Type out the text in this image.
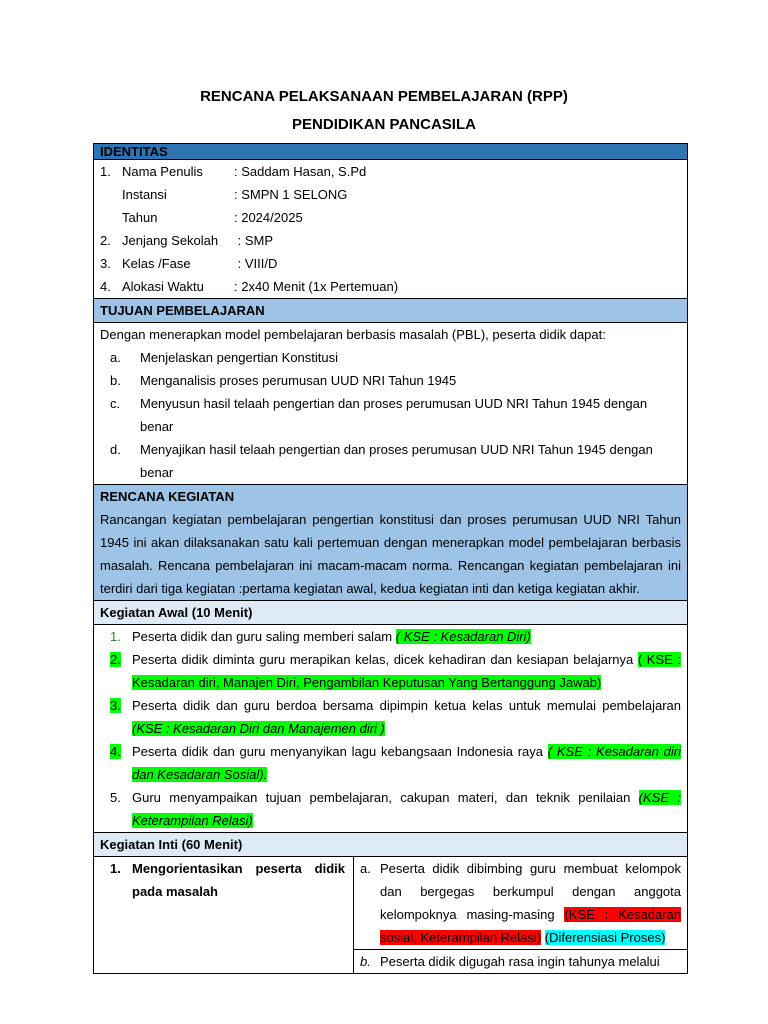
RENCANA PELAKSANAAN PEMBELAJARAN (RPP)
PENDIDIKAN PANCASILA
IDENTITAS

1. Nama Penulis	: Saddam Hasan, S.Pd
Instansi	: SMPN 1 SELONG
Tahun	: 2024/2025
2. Jenjang Sekolah	: SMP
3. Kelas /Fase	: VIII/D
4. Alokasi Waktu	: 2x40 Menit (1x Pertemuan)

TUJUAN PEMBELAJARAN

Dengan menerapkan model pembelajaran berbasis masalah (PBL), peserta didik dapat:
a.	Menjelaskan pengertian Konstitusi
b.	Menganalisis proses perumusan UUD NRI Tahun 1945
c.	Menyusun hasil telaah pengertian dan proses perumusan UUD NRI Tahun 1945 dengan benar
d.	Menyajikan hasil telaah pengertian dan proses perumusan UUD NRI Tahun 1945 dengan benar

RENCANA KEGIATAN
Rancangan kegiatan pembelajaran pengertian konstitusi dan proses perumusan UUD NRI Tahun 1945 ini akan dilaksanakan satu kali pertemuan dengan menerapkan model pembelajaran berbasis masalah. Rencana pembelajaran ini macam-macam norma. Rencangan kegiatan pembelajaran ini terdiri dari tiga kegiatan :pertama kegiatan awal, kedua kegiatan inti dan ketiga kegiatan akhir.

Kegiatan Awal (10 Menit)

1. Peserta didik dan guru saling memberi salam ( KSE : Kesadaran Diri)
2. Peserta didik diminta guru merapikan kelas, dicek kehadiran dan kesiapan belajarnya ( KSE : Kesadaran diri, Manajen Diri, Pengambilan Keputusan Yang Bertanggung Jawab)
3. Peserta didik dan guru berdoa bersama dipimpin ketua kelas untuk memulai pembelajaran (KSE : Kesadaran Diri dan Manajemen diri )
4. Peserta didik dan guru menyanyikan lagu kebangsaan Indonesia raya ( KSE : Kesadaran diri dan Kesadaran Sosial).
5. Guru menyampaikan tujuan pembelajaran, cakupan materi, dan teknik penilaian (KSE : Keterampilan Relasi)

Kegiatan Inti (60 Menit)

1. Mengorientasikan peserta didik pada masalah

a. Peserta didik dibimbing guru membuat kelompok dan bergegas berkumpul dengan anggota kelompoknya masing-masing (KSE : Kesadaran sosial, Keterampilan Relasi) (Diferensiasi Proses)
b. Peserta didik digugah rasa ingin tahunya melalui
